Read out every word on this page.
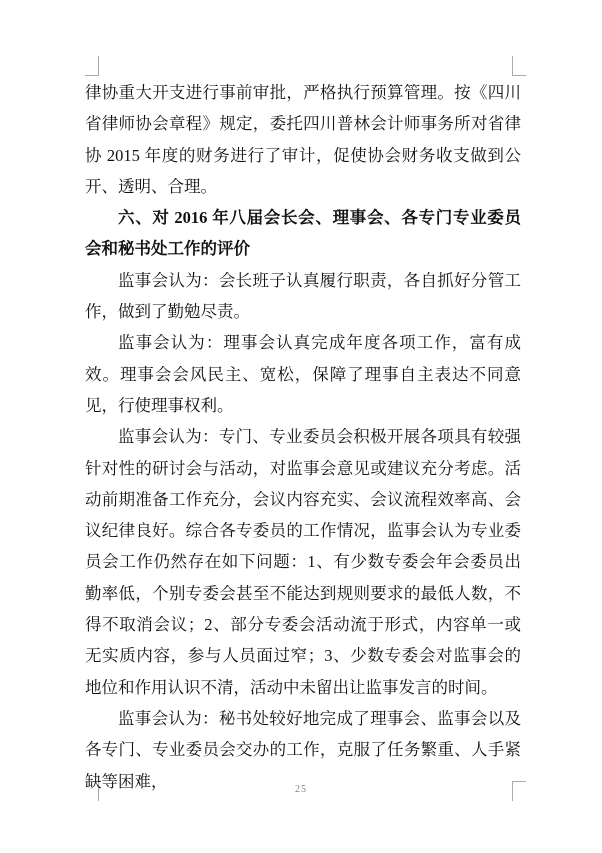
律协重大开支进行事前审批，严格执行预算管理。按《四川省律师协会章程》规定，委托四川普林会计师事务所对省律协 2015 年度的财务进行了审计，促使协会财务收支做到公开、透明、合理。

六、对 2016 年八届会长会、理事会、各专门专业委员会和秘书处工作的评价

监事会认为：会长班子认真履行职责，各自抓好分管工作，做到了勤勉尽责。

监事会认为：理事会认真完成年度各项工作，富有成效。理事会会风民主、宽松，保障了理事自主表达不同意见，行使理事权利。

监事会认为：专门、专业委员会积极开展各项具有较强针对性的研讨会与活动，对监事会意见或建议充分考虑。活动前期准备工作充分，会议内容充实、会议流程效率高、会议纪律良好。综合各专委员的工作情况，监事会认为专业委员会工作仍然存在如下问题：1、有少数专委会年会委员出勤率低，个别专委会甚至不能达到规则要求的最低人数，不得不取消会议；2、部分专委会活动流于形式，内容单一或无实质内容，参与人员面过窄；3、少数专委会对监事会的地位和作用认识不清，活动中未留出让监事发言的时间。

监事会认为：秘书处较好地完成了理事会、监事会以及各专门、专业委员会交办的工作，克服了任务繁重、人手紧缺等困难，	25
